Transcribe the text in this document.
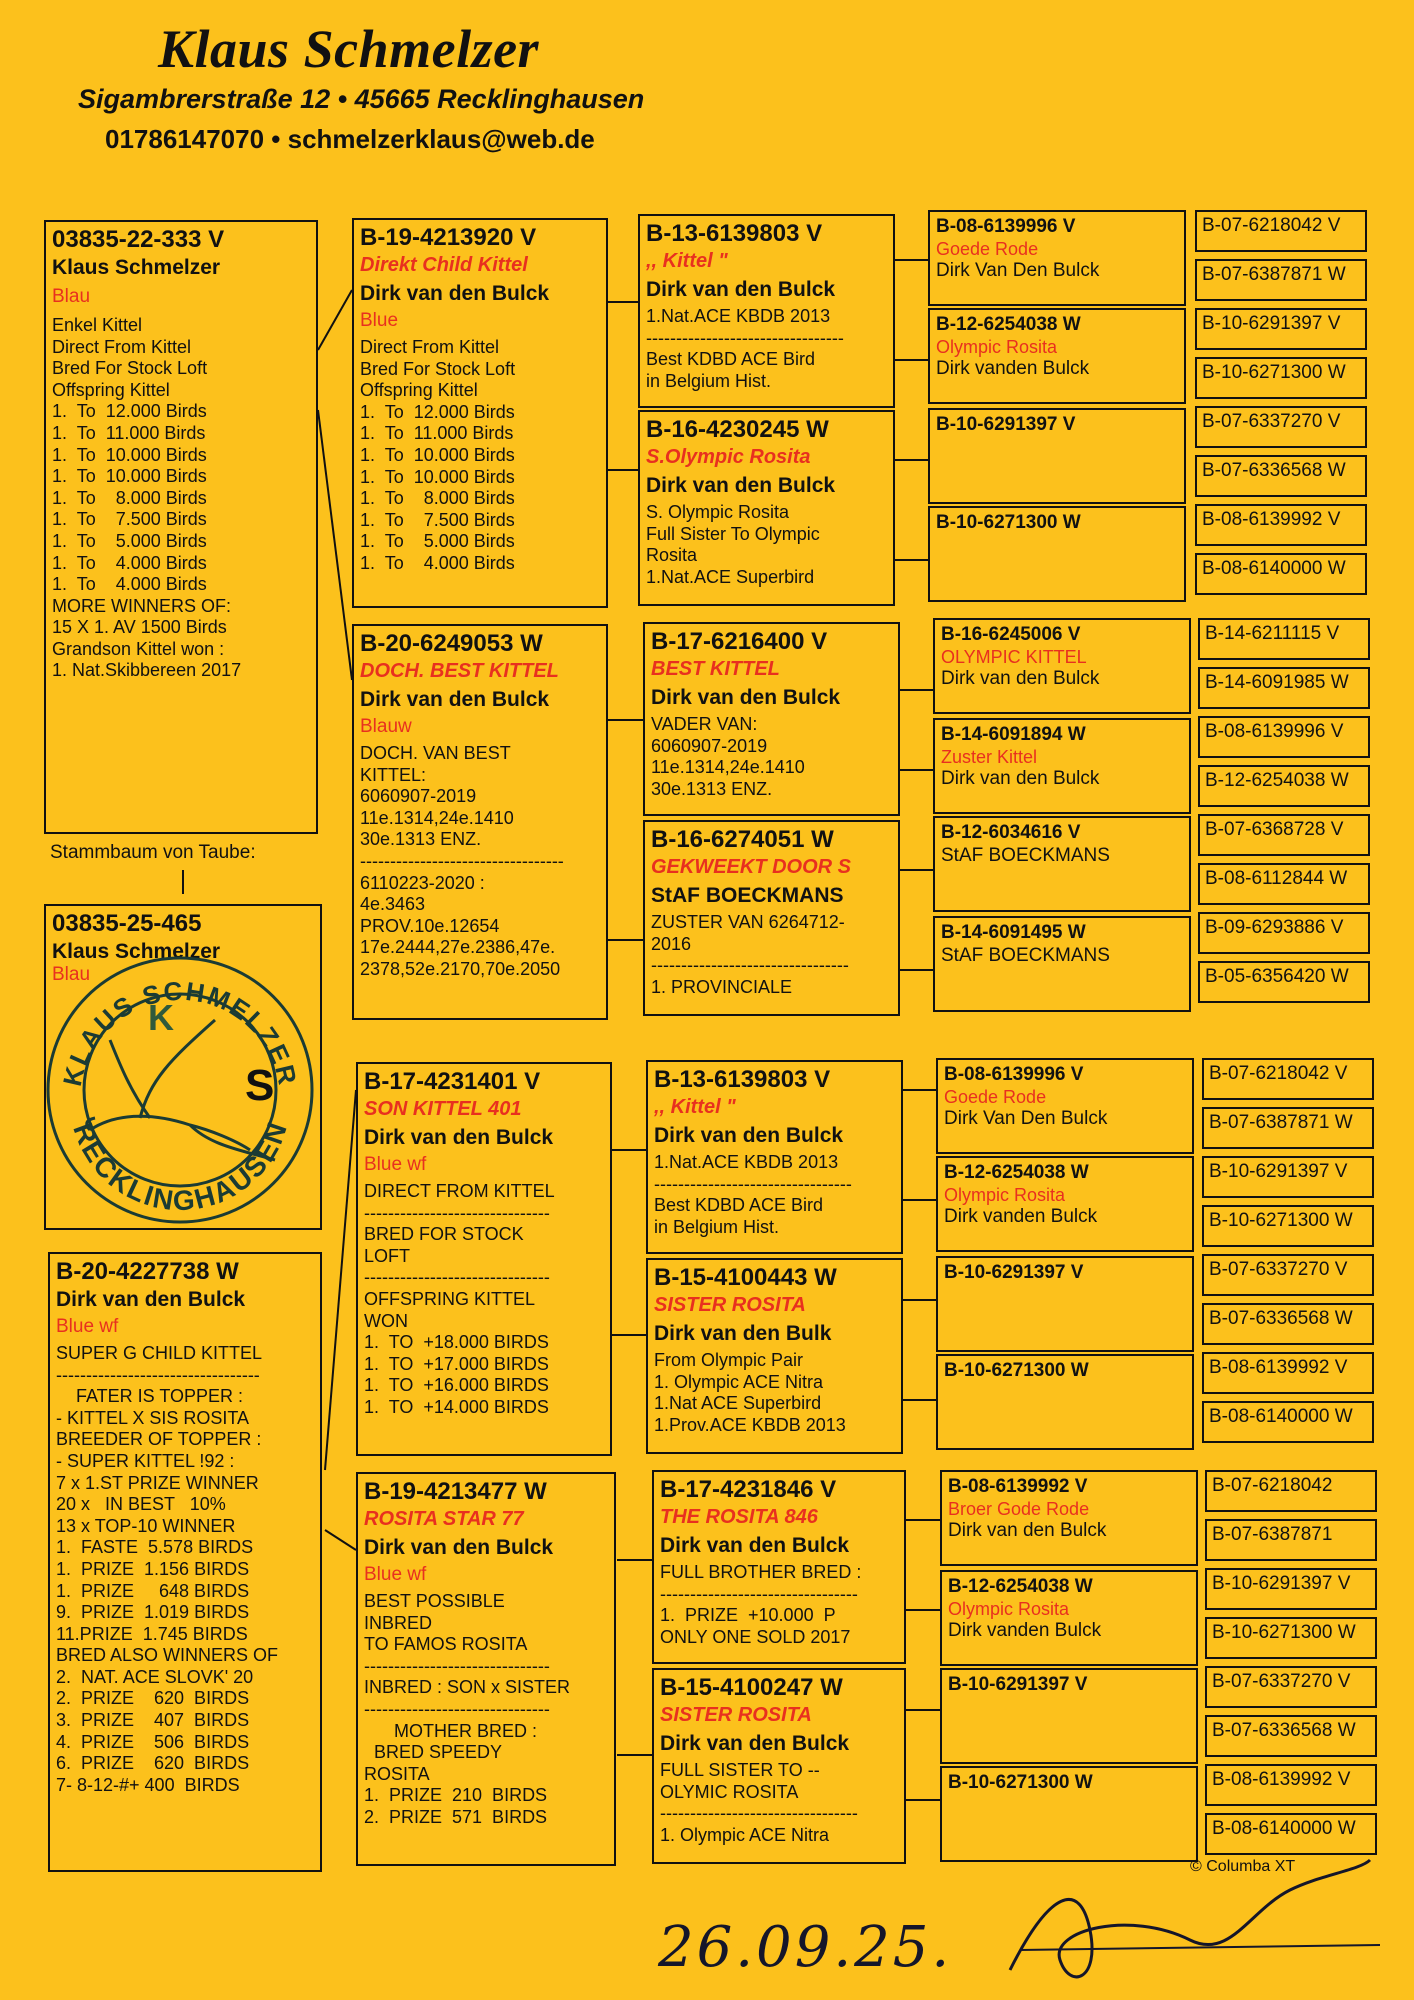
Klaus Schmelzer
Sigambrerstraße 12 • 45665 Recklinghausen
01786147070 • schmelzerklaus@web.de
03835-22-333 V
Klaus Schmelzer
Blau
Enkel Kittel
Direct From Kittel
Bred For Stock Loft
Offspring Kittel
1.  To  12.000 Birds
1.  To  11.000 Birds
1.  To  10.000 Birds
1.  To  10.000 Birds
1.  To    8.000 Birds
1.  To    7.500 Birds
1.  To    5.000 Birds
1.  To    4.000 Birds
1.  To    4.000 Birds
MORE WINNERS OF:
15 X 1. AV 1500 Birds
Grandson Kittel won :
1. Nat.Skibbereen 2017
Stammbaum von Taube:
03835-25-465
Klaus Schmelzer
Blau
KLAUS SCHMELZER
RECKLINGHAUSEN
K
S
B-20-4227738 W
Dirk van den Bulck
Blue wf
SUPER G CHILD KITTEL
----------------------------------
FATER IS TOPPER :
- KITTEL X SIS ROSITA
BREEDER OF TOPPER :
- SUPER KITTEL !92 :
7 x 1.ST PRIZE WINNER
20 x   IN BEST   10%
13 x TOP-10 WINNER
1.  FASTE  5.578 BIRDS
1.  PRIZE  1.156 BIRDS
1.  PRIZE     648 BIRDS
9.  PRIZE  1.019 BIRDS
11.PRIZE  1.745 BIRDS
BRED ALSO WINNERS OF
2.  NAT. ACE SLOVK' 20
2.  PRIZE    620  BIRDS
3.  PRIZE    407  BIRDS
4.  PRIZE    506  BIRDS
6.  PRIZE    620  BIRDS
7- 8-12-#+ 400  BIRDS
B-19-4213920 V
Direkt Child Kittel
Dirk van den Bulck
Blue
Direct From Kittel
Bred For Stock Loft
Offspring Kittel
1.  To  12.000 Birds
1.  To  11.000 Birds
1.  To  10.000 Birds
1.  To  10.000 Birds
1.  To    8.000 Birds
1.  To    7.500 Birds
1.  To    5.000 Birds
1.  To    4.000 Birds
B-20-6249053 W
DOCH. BEST KITTEL
Dirk van den Bulck
Blauw
DOCH. VAN BEST
KITTEL:
6060907-2019
11e.1314,24e.1410
30e.1313 ENZ.
----------------------------------
6110223-2020 :
4e.3463
PROV.10e.12654
17e.2444,27e.2386,47e.
2378,52e.2170,70e.2050
B-17-4231401 V
SON KITTEL 401
Dirk van den Bulck
Blue wf
DIRECT FROM KITTEL
-------------------------------
BRED FOR STOCK
LOFT
-------------------------------
OFFSPRING KITTEL
WON
1.  TO  +18.000 BIRDS
1.  TO  +17.000 BIRDS
1.  TO  +16.000 BIRDS
1.  TO  +14.000 BIRDS
B-19-4213477 W
ROSITA STAR 77
Dirk van den Bulck
Blue wf
BEST POSSIBLE
INBRED
TO FAMOS ROSITA
-------------------------------
INBRED : SON x SISTER
-------------------------------
MOTHER BRED :
BRED SPEEDY
ROSITA
1.  PRIZE  210  BIRDS
2.  PRIZE  571  BIRDS
B-13-6139803 V
,, Kittel "
Dirk van den Bulck
1.Nat.ACE KBDB 2013
---------------------------------
Best KDBD ACE Bird
in Belgium Hist.
B-16-4230245 W
S.Olympic Rosita
Dirk van den Bulck
S. Olympic Rosita
Full Sister To Olympic
Rosita
1.Nat.ACE Superbird
B-17-6216400 V
BEST KITTEL
Dirk van den Bulck
VADER VAN:
6060907-2019
11e.1314,24e.1410
30e.1313 ENZ.
B-16-6274051 W
GEKWEEKT DOOR S
StAF BOECKMANS
ZUSTER VAN 6264712-
2016
---------------------------------
1. PROVINCIALE
B-13-6139803 V
,, Kittel "
Dirk van den Bulck
1.Nat.ACE KBDB 2013
---------------------------------
Best KDBD ACE Bird
in Belgium Hist.
B-15-4100443 W
SISTER ROSITA
Dirk van den Bulk
From Olympic Pair
1. Olympic ACE Nitra
1.Nat ACE Superbird
1.Prov.ACE KBDB 2013
B-17-4231846 V
THE ROSITA 846
Dirk van den Bulck
FULL BROTHER BRED :
---------------------------------
1.  PRIZE  +10.000  P
ONLY ONE SOLD 2017
B-15-4100247 W
SISTER ROSITA
Dirk van den Bulck
FULL SISTER TO --
OLYMIC ROSITA
---------------------------------
1. Olympic ACE Nitra
B-08-6139996 V
Goede Rode
Dirk Van Den Bulck
B-12-6254038 W
Olympic Rosita
Dirk vanden Bulck
B-10-6291397 V
B-10-6271300 W
B-16-6245006 V
OLYMPIC KITTEL
Dirk van den Bulck
B-14-6091894 W
Zuster Kittel
Dirk van den Bulck
B-12-6034616 V
StAF BOECKMANS
B-14-6091495 W
StAF BOECKMANS
B-08-6139996 V
Goede Rode
Dirk Van Den Bulck
B-12-6254038 W
Olympic Rosita
Dirk vanden Bulck
B-10-6291397 V
B-10-6271300 W
B-08-6139992 V
Broer Gode Rode
Dirk van den Bulck
B-12-6254038 W
Olympic Rosita
Dirk vanden Bulck
B-10-6291397 V
B-10-6271300 W
B-07-6218042 V
B-07-6387871 W
B-10-6291397 V
B-10-6271300 W
B-07-6337270 V
B-07-6336568 W
B-08-6139992 V
B-08-6140000 W
B-14-6211115 V
B-14-6091985 W
B-08-6139996 V
B-12-6254038 W
B-07-6368728 V
B-08-6112844 W
B-09-6293886 V
B-05-6356420 W
B-07-6218042 V
B-07-6387871 W
B-10-6291397 V
B-10-6271300 W
B-07-6337270 V
B-07-6336568 W
B-08-6139992 V
B-08-6140000 W
B-07-6218042
B-07-6387871
B-10-6291397 V
B-10-6271300 W
B-07-6337270 V
B-07-6336568 W
B-08-6139992 V
B-08-6140000 W
© Columba XT
26.09.25.
